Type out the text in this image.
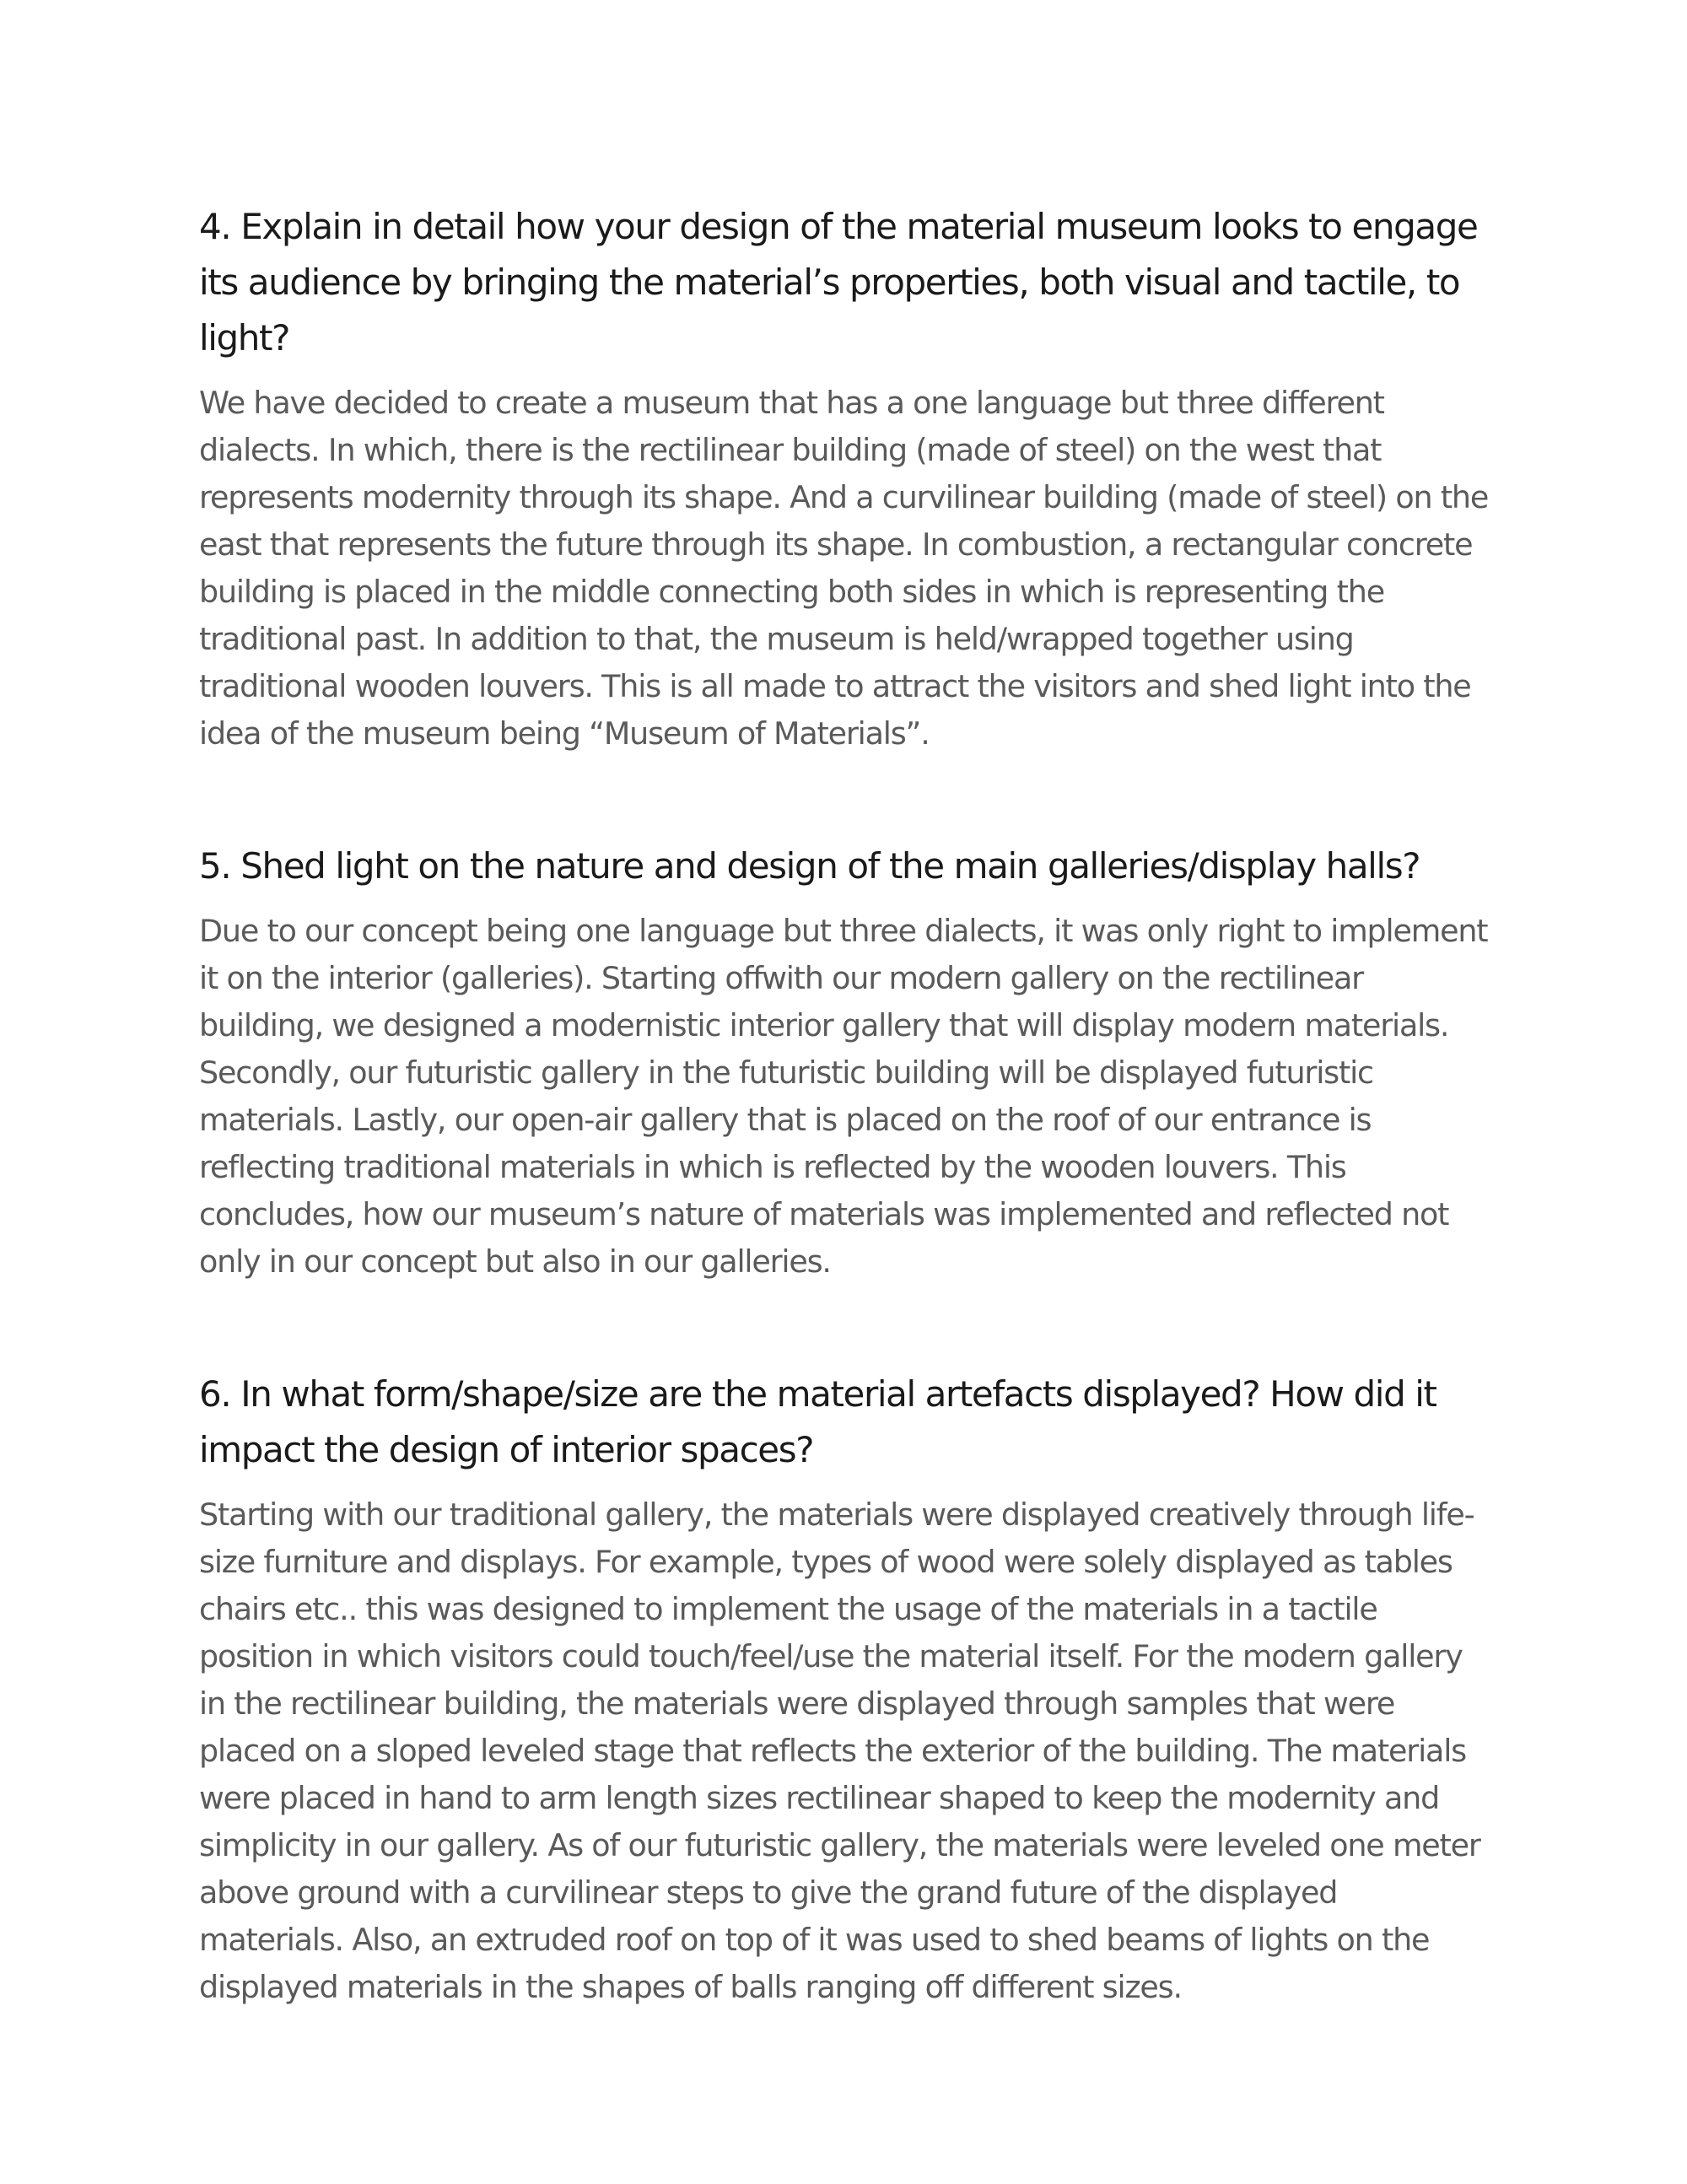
4. Explain in detail how your design of the material museum looks to engage its audience by bringing the material’s properties, both visual and tactile, to light?

We have decided to create a museum that has a one language but three different dialects. In which, there is the rectilinear building (made of steel) on the west that represents modernity through its shape. And a curvilinear building (made of steel) on the east that represents the future through its shape. In combustion, a rectangular concrete building is placed in the middle connecting both sides in which is representing the traditional past. In addition to that, the museum is held/wrapped together using traditional wooden louvers. This is all made to attract the visitors and shed light into the idea of the museum being “Museum of Materials”.

5. Shed light on the nature and design of the main galleries/display halls?

Due to our concept being one language but three dialects, it was only right to implement it on the interior (galleries). Starting offwith our modern gallery on the rectilinear building, we designed a modernistic interior gallery that will display modern materials. Secondly, our futuristic gallery in the futuristic building will be displayed futuristic materials. Lastly, our open-air gallery that is placed on the roof of our entrance is reflecting traditional materials in which is reflected by the wooden louvers. This concludes, how our museum’s nature of materials was implemented and reflected not only in our concept but also in our galleries.

6. In what form/shape/size are the material artefacts displayed? How did it impact the design of interior spaces?

Starting with our traditional gallery, the materials were displayed creatively through life-size furniture and displays. For example, types of wood were solely displayed as tables chairs etc.. this was designed to implement the usage of the materials in a tactile position in which visitors could touch/feel/use the material itself. For the modern gallery in the rectilinear building, the materials were displayed through samples that were placed on a sloped leveled stage that reflects the exterior of the building. The materials were placed in hand to arm length sizes rectilinear shaped to keep the modernity and simplicity in our gallery. As of our futuristic gallery, the materials were leveled one meter above ground with a curvilinear steps to give the grand future of the displayed materials. Also, an extruded roof on top of it was used to shed beams of lights on the displayed materials in the shapes of balls ranging off different sizes.
